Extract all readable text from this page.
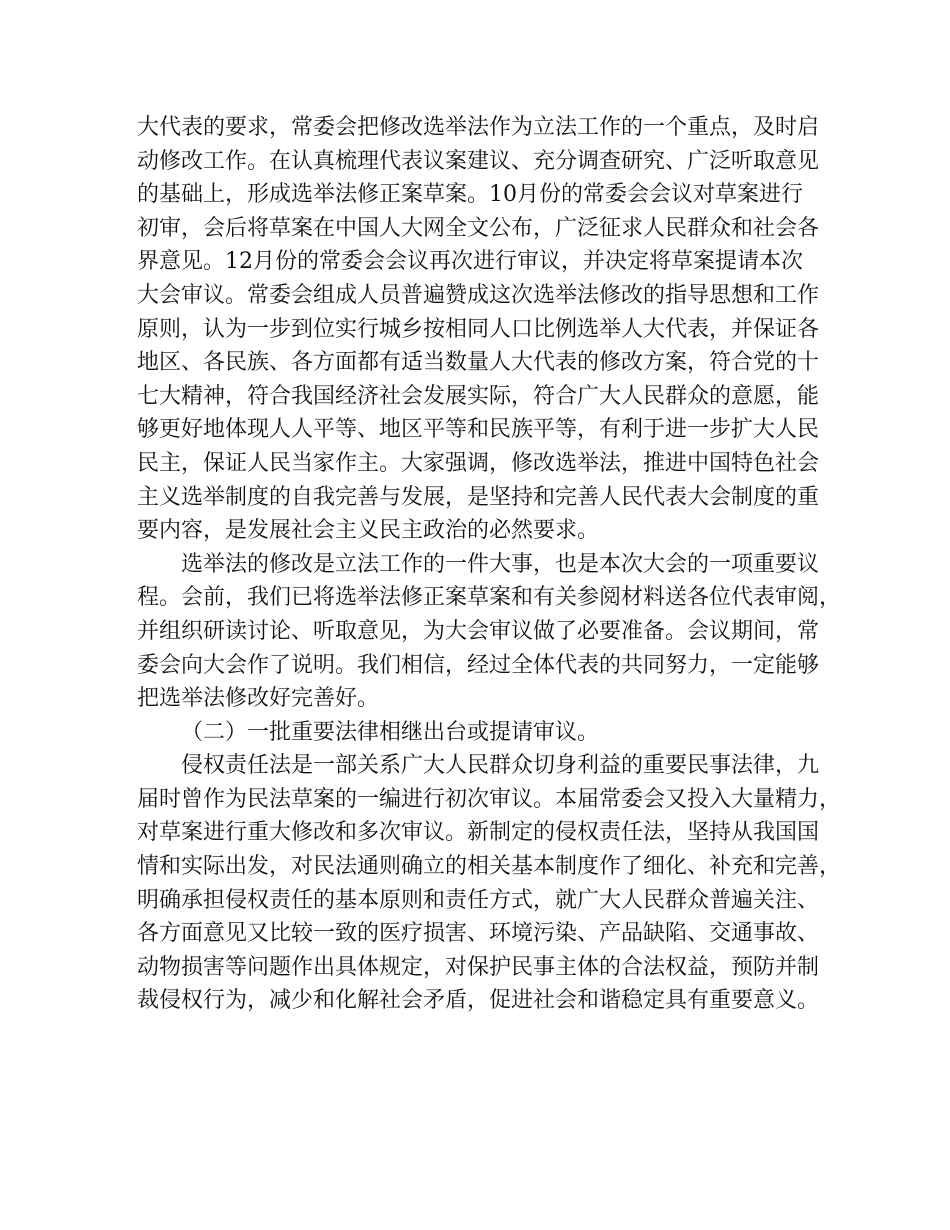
大代表的要求，常委会把修改选举法作为立法工作的一个重点，及时启
动修改工作。在认真梳理代表议案建议、充分调查研究、广泛听取意见
的基础上，形成选举法修正案草案。10月份的常委会会议对草案进行
初审，会后将草案在中国人大网全文公布，广泛征求人民群众和社会各
界意见。12月份的常委会会议再次进行审议，并决定将草案提请本次
大会审议。常委会组成人员普遍赞成这次选举法修改的指导思想和工作
原则，认为一步到位实行城乡按相同人口比例选举人大代表，并保证各
地区、各民族、各方面都有适当数量人大代表的修改方案，符合党的十
七大精神，符合我国经济社会发展实际，符合广大人民群众的意愿，能
够更好地体现人人平等、地区平等和民族平等，有利于进一步扩大人民
民主，保证人民当家作主。大家强调，修改选举法，推进中国特色社会
主义选举制度的自我完善与发展，是坚持和完善人民代表大会制度的重
要内容，是发展社会主义民主政治的必然要求。
选举法的修改是立法工作的一件大事，也是本次大会的一项重要议
程。会前，我们已将选举法修正案草案和有关参阅材料送各位代表审阅，
并组织研读讨论、听取意见，为大会审议做了必要准备。会议期间，常
委会向大会作了说明。我们相信，经过全体代表的共同努力，一定能够
把选举法修改好完善好。
（二）一批重要法律相继出台或提请审议。
侵权责任法是一部关系广大人民群众切身利益的重要民事法律，九
届时曾作为民法草案的一编进行初次审议。本届常委会又投入大量精力，
对草案进行重大修改和多次审议。新制定的侵权责任法，坚持从我国国
情和实际出发，对民法通则确立的相关基本制度作了细化、补充和完善，
明确承担侵权责任的基本原则和责任方式，就广大人民群众普遍关注、
各方面意见又比较一致的医疗损害、环境污染、产品缺陷、交通事故、
动物损害等问题作出具体规定，对保护民事主体的合法权益，预防并制
裁侵权行为，减少和化解社会矛盾，促进社会和谐稳定具有重要意义。
